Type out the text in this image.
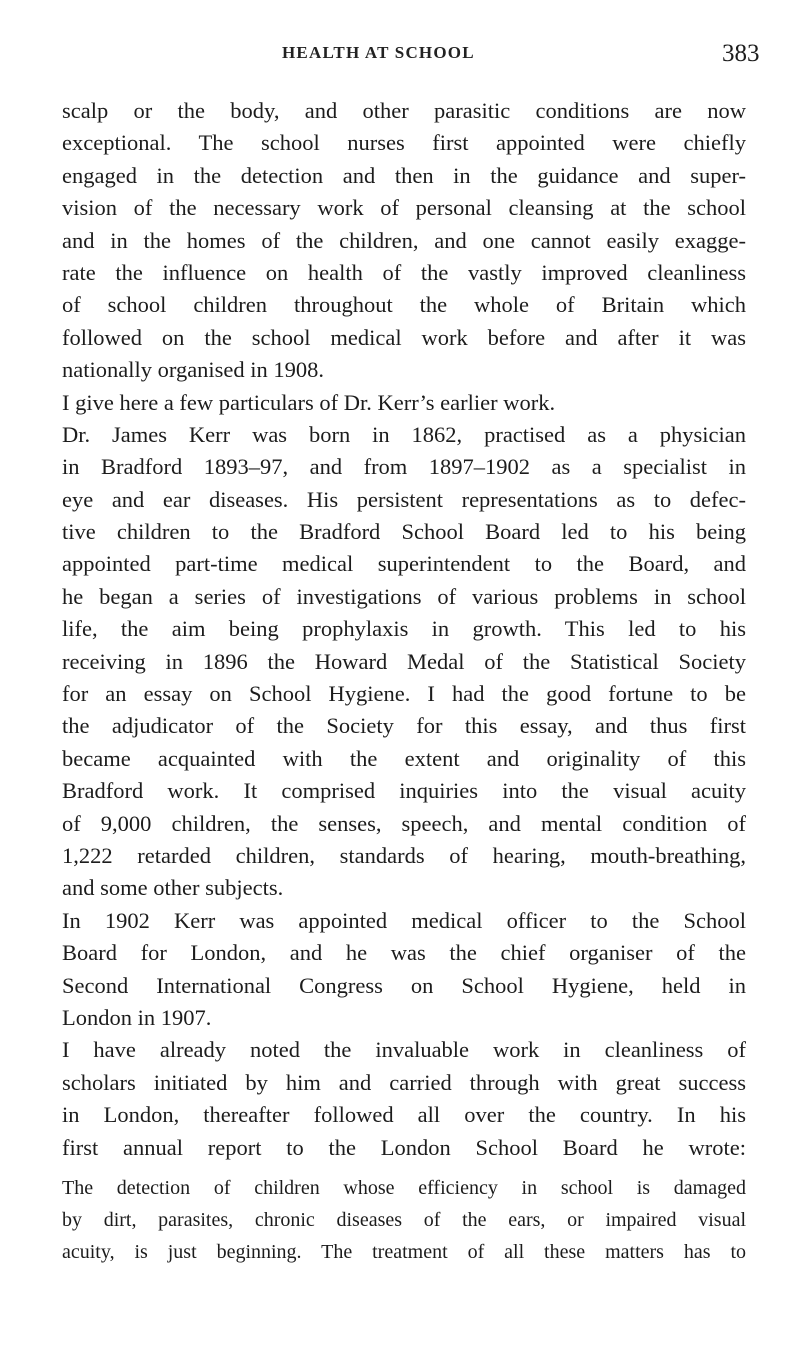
HEALTH AT SCHOOL	383
scalp or the body, and other parasitic conditions are now
exceptional. The school nurses first appointed were chiefly
engaged in the detection and then in the guidance and super-
vision of the necessary work of personal cleansing at the school
and in the homes of the children, and one cannot easily exagge-
rate the influence on health of the vastly improved cleanliness
of school children throughout the whole of Britain which
followed on the school medical work before and after it was
nationally organised in 1908.
I give here a few particulars of Dr. Kerr’s earlier work.
Dr. James Kerr was born in 1862, practised as a physician
in Bradford 1893–97, and from 1897–1902 as a specialist in
eye and ear diseases. His persistent representations as to defec-
tive children to the Bradford School Board led to his being
appointed part-time medical superintendent to the Board, and
he began a series of investigations of various problems in school
life, the aim being prophylaxis in growth. This led to his
receiving in 1896 the Howard Medal of the Statistical Society
for an essay on School Hygiene. I had the good fortune to be
the adjudicator of the Society for this essay, and thus first
became acquainted with the extent and originality of this
Bradford work. It comprised inquiries into the visual acuity
of 9,000 children, the senses, speech, and mental condition of
1,222 retarded children, standards of hearing, mouth-breathing,
and some other subjects.
In 1902 Kerr was appointed medical officer to the School
Board for London, and he was the chief organiser of the
Second International Congress on School Hygiene, held in
London in 1907.
I have already noted the invaluable work in cleanliness of
scholars initiated by him and carried through with great success
in London, thereafter followed all over the country. In his
first annual report to the London School Board he wrote:
The detection of children whose efficiency in school is damaged
by dirt, parasites, chronic diseases of the ears, or impaired visual
acuity, is just beginning. The treatment of all these matters has to
